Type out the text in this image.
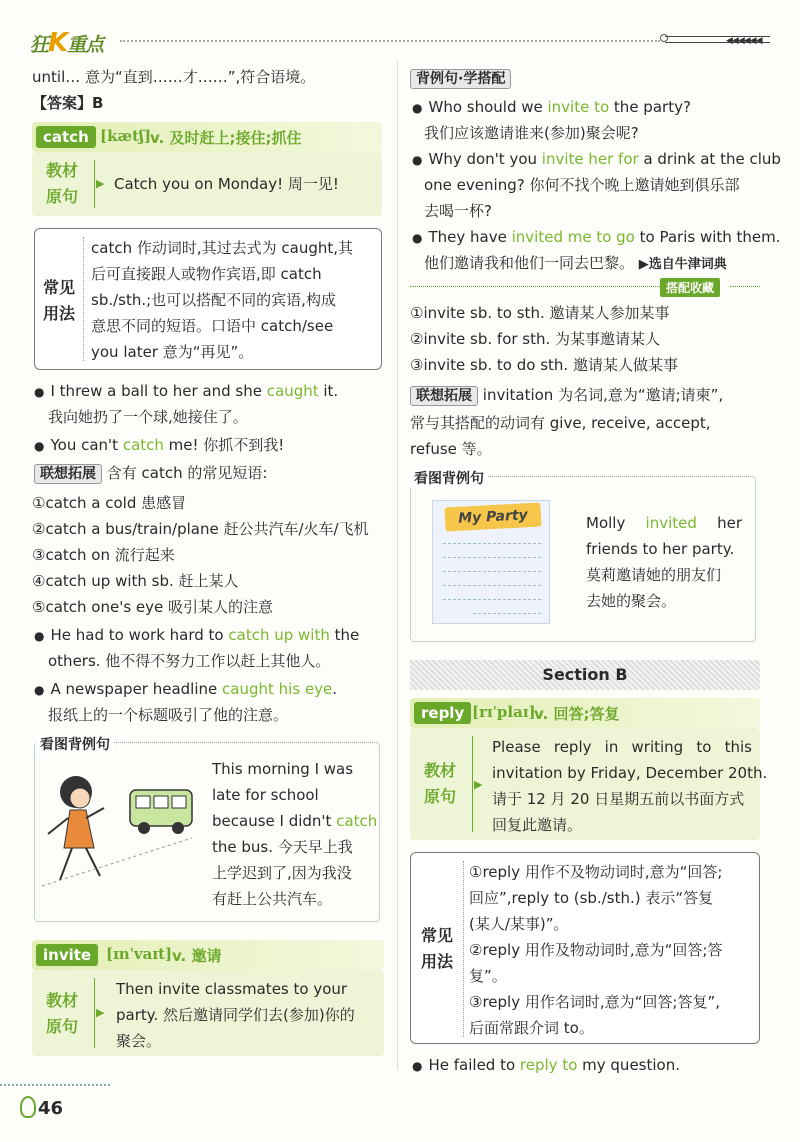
狂K重点	◀◀◀◀◀◀
until… 意为“直到……才……”,符合语境。
【答案】B
catch [kætʃ]
v. 及时赶上;接住;抓住
教材
原句
▶ Catch you on Monday! 周一见!
常见
用法
catch 作动词时,其过去式为 caught,其
后可直接跟人或物作宾语,即 catch
sb./sth.;也可以搭配不同的宾语,构成
意思不同的短语。口语中 catch/see
you later 意为“再见”。
● I threw a ball to her and she caught it.
我向她扔了一个球,她接住了。
● You can't catch me! 你抓不到我!
联想拓展 含有 catch 的常见短语:
①catch a cold 患感冒
②catch a bus/train/plane 赶公共汽车/火车/飞机
③catch on 流行起来
④catch up with sb. 赶上某人
⑤catch one's eye 吸引某人的注意
● He had to work hard to catch up with the
others. 他不得不努力工作以赶上其他人。
● A newspaper headline caught his eye.
报纸上的一个标题吸引了他的注意。
看图背例句
This morning I was
late for school
because I didn't catch
the bus. 今天早上我
上学迟到了,因为我没
有赶上公共汽车。
invite [ɪnˈvaɪt] v. 邀请
教材
原句
▶
Then invite classmates to your
party. 然后邀请同学们去(参加)你的
聚会。
46
背例句·学搭配
● Who should we invite to the party?
我们应该邀请谁来(参加)聚会呢?
● Why don't you invite her for a drink at the club
one evening? 你何不找个晚上邀请她到俱乐部
去喝一杯?
● They have invited me to go to Paris with them.
他们邀请我和他们一同去巴黎。 ▶选自牛津词典
搭配收藏
①invite sb. to sth. 邀请某人参加某事
②invite sb. for sth. 为某事邀请某人
③invite sb. to do sth. 邀请某人做某事
联想拓展 invitation 为名词,意为“邀请;请柬”,
常与其搭配的动词有 give, receive, accept,
refuse 等。
看图背例句
My Party	Molly invited her
friends to her party.
莫莉邀请她的朋友们
去她的聚会。
Section B
reply [rɪˈplaɪ]
v. 回答;答复
教材
原句
▶
Please reply in writing to this
invitation by Friday, December 20th.
请于 12 月 20 日星期五前以书面方式
回复此邀请。
常见
用法
①reply 用作不及物动词时,意为“回答;
回应”,reply to (sb./sth.) 表示“答复
(某人/某事)”。
②reply 用作及物动词时,意为“回答;答
复”。
③reply 用作名词时,意为“回答;答复”,
后面常跟介词 to。
● He failed to reply to my question.
